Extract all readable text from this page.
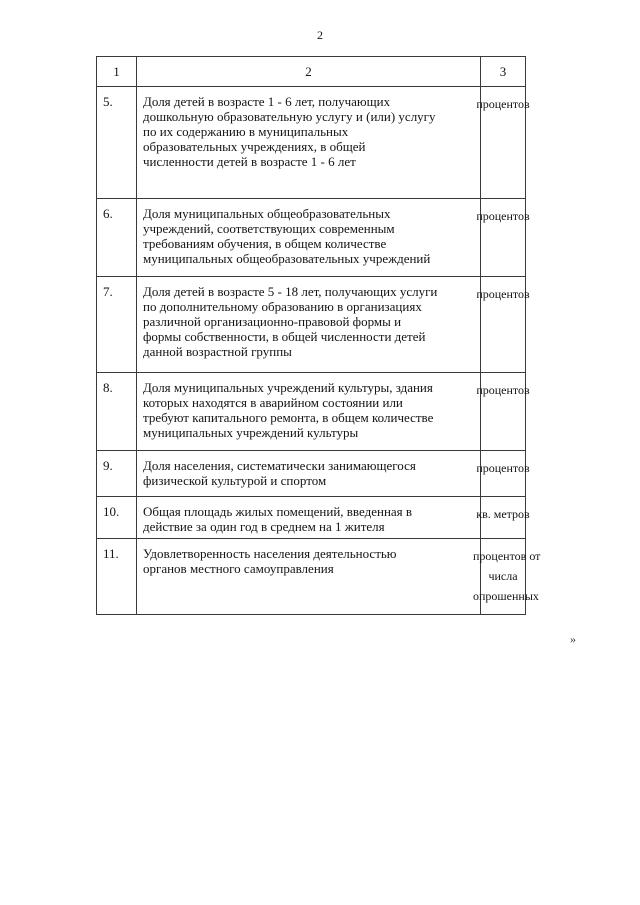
2
1	2	3
5.	Доля детей в возрасте 1 - 6 лет, получающих
дошкольную образовательную услугу и (или) услугу
по их содержанию в муниципальных
образовательных учреждениях, в общей
численности детей в возрасте 1 - 6 лет	процентов

6.	Доля муниципальных общеобразовательных
учреждений, соответствующих современным
требованиям обучения, в общем количестве
муниципальных общеобразовательных учреждений	процентов

7.	Доля детей в возрасте 5 - 18 лет, получающих услуги
по дополнительному образованию в организациях
различной организационно-правовой формы и
формы собственности, в общей численности детей
данной возрастной группы	процентов

8.	Доля муниципальных учреждений культуры, здания
которых находятся в аварийном состоянии или
требуют капитального ремонта, в общем количестве
муниципальных учреждений культуры	процентов

9.	Доля населения, систематически занимающегося
физической культурой и спортом	процентов

10.	Общая площадь жилых помещений, введенная в
действие за один год в среднем на 1 жителя	кв. метров

11.	Удовлетворенность населения деятельностью
органов местного самоуправления	процентов от
числа
опрошенных
»
